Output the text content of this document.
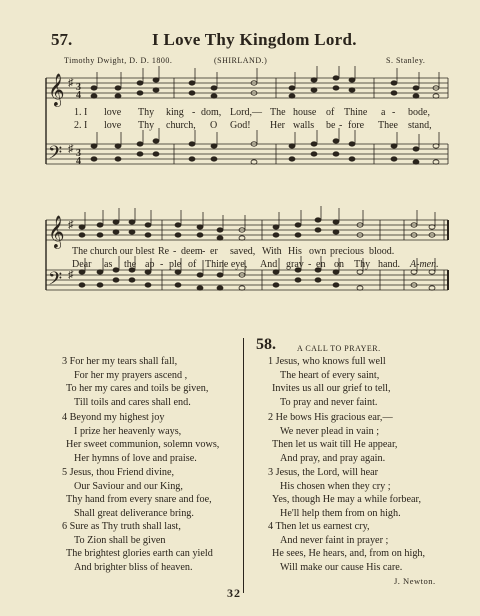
57.	I Love Thy Kingdom Lord.
Timothy Dwight, D. D. 1800.	(SHIRLAND.)	S. Stanley.
𝄞
𝄢
♯
♯
3
4
3
4
1. I love Thy king - dom, Lord,— The house of Thine a - bode,
2. I love Thy church, O God! Her walls be - fore Thee stand,
𝄞
𝄢
♯
♯
The church our blest Re - deem - er saved, With His own precious blood.
Dear as the ap - ple of Thine eye, And grav - en on Thy hand. A-men.
3 For her my tears shall fall,
For her my prayers ascend ,
To her my cares and toils be given,
Till toils and cares shall end.
4 Beyond my highest joy
I prize her heavenly ways,
Her sweet communion, solemn vows,
Her hymns of love and praise.
5 Jesus, thou Friend divine,
Our Saviour and our King,
Thy hand from every snare and foe,
Shall great deliverance bring.
6 Sure as Thy truth shall last,
To Zion shall be given
The brightest glories earth can yield
And brighter bliss of heaven.
58.	A CALL TO PRAYER.
1 Jesus, who knows full well
The heart of every saint,
Invites us all our grief to tell,
To pray and never faint.
2 He bows His gracious ear,—
We never plead in vain ;
Then let us wait till He appear,
And pray, and pray again.
3 Jesus, the Lord, will hear
His chosen when they cry ;
Yes, though He may a while forbear,
He'll help them from on high.
4 Then let us earnest cry,
And never faint in prayer ;
He sees, He hears, and, from on high,
Will make our cause His care.
J. Newton.
32
